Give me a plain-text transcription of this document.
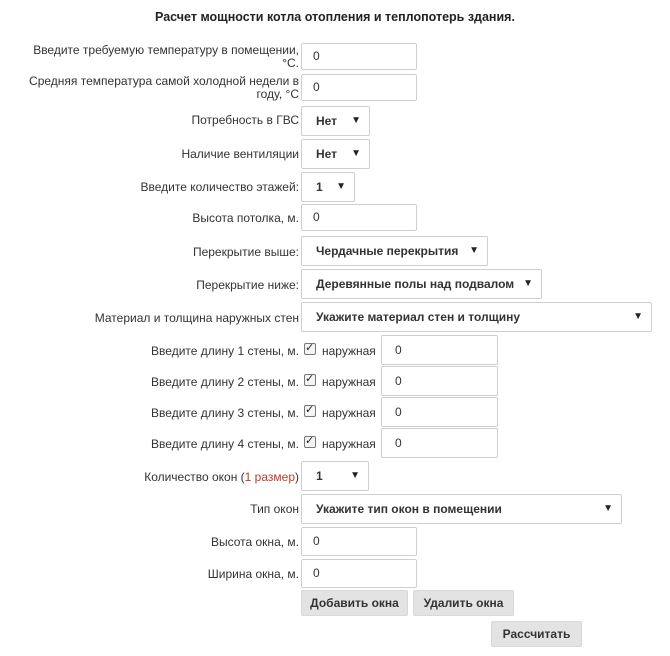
Расчет мощности котла отопления и теплопотерь здания.
Введите требуемую температуру в помещении,
°С.	0
Средняя температура самой холодной недели в
году, °С	0
Потребность в ГВС	Нет ▼
Наличие вентиляции	Нет ▼
Введите количество этажей:	1 ▼
Высота потолка, м.	0
Перекрытие выше:	Чердачные перекрытия ▼
Перекрытие ниже:	Деревянные полы над подвалом ▼
Материал и толщина наружных стен	Укажите материал стен и толщину	▼
Введите длину 1 стены, м. ✓ наружная	0
Введите длину 2 стены, м. ✓ наружная	0
Введите длину 3 стены, м. ✓ наружная	0
Введите длину 4 стены, м. ✓ наружная	0
Количество окон (1 размер)	1	▼
Тип окон	Укажите тип окон в помещении	▼
Высота окна, м.	0
Ширина окна, м.	0
Добавить окна	Удалить окна
Рассчитать
